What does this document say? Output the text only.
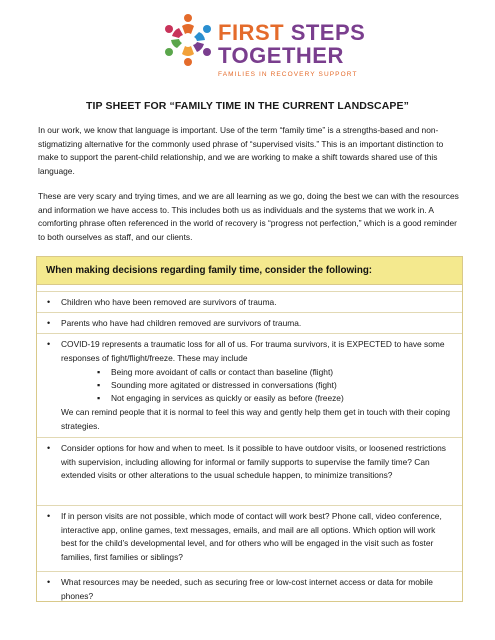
FIRST STEPS
TOGETHER
FAMILIES IN RECOVERY SUPPORT
TIP SHEET FOR “FAMILY TIME IN THE CURRENT LANDSCAPE”

In our work, we know that language is important. Use of the term “family time” is a strengths-based and non-stigmatizing alternative for the commonly used phrase of “supervised visits.” This is an important distinction to make to support the parent-child relationship, and we are working to make a shift towards shared use of this language.

These are very scary and trying times, and we are all learning as we go, doing the best we can with the resources and information we have access to. This includes both us as individuals and the systems that we work in. A comforting phrase often referenced in the world of recovery is “progress not perfection,” which is a good reminder to both ourselves as staff, and our clients.

When making decisions regarding family time, consider the following:
• Children who have been removed are survivors of trauma.

• Parents who have had children removed are survivors of trauma.

• COVID-19 represents a traumatic loss for all of us. For trauma survivors, it is EXPECTED to have some responses of fight/flight/freeze. These may include

▪ Being more avoidant of calls or contact than baseline (flight)
▪ Sounding more agitated or distressed in conversations (fight)
▪ Not engaging in services as quickly or easily as before (freeze)

We can remind people that it is normal to feel this way and gently help them get in touch with their coping strategies.

• Consider options for how and when to meet. Is it possible to have outdoor visits, or loosened restrictions with supervision, including allowing for informal or family supports to supervise the family time? Can extended visits or other alterations to the usual schedule happen, to minimize transitions?

• If in person visits are not possible, which mode of contact will work best? Phone call, video conference, interactive app, online games, text messages, emails, and mail are all options. Which option will work best for the child’s developmental level, and for others who will be engaged in the visit such as foster families, first families or siblings?

• What resources may be needed, such as securing free or low-cost internet access or data for mobile phones?
